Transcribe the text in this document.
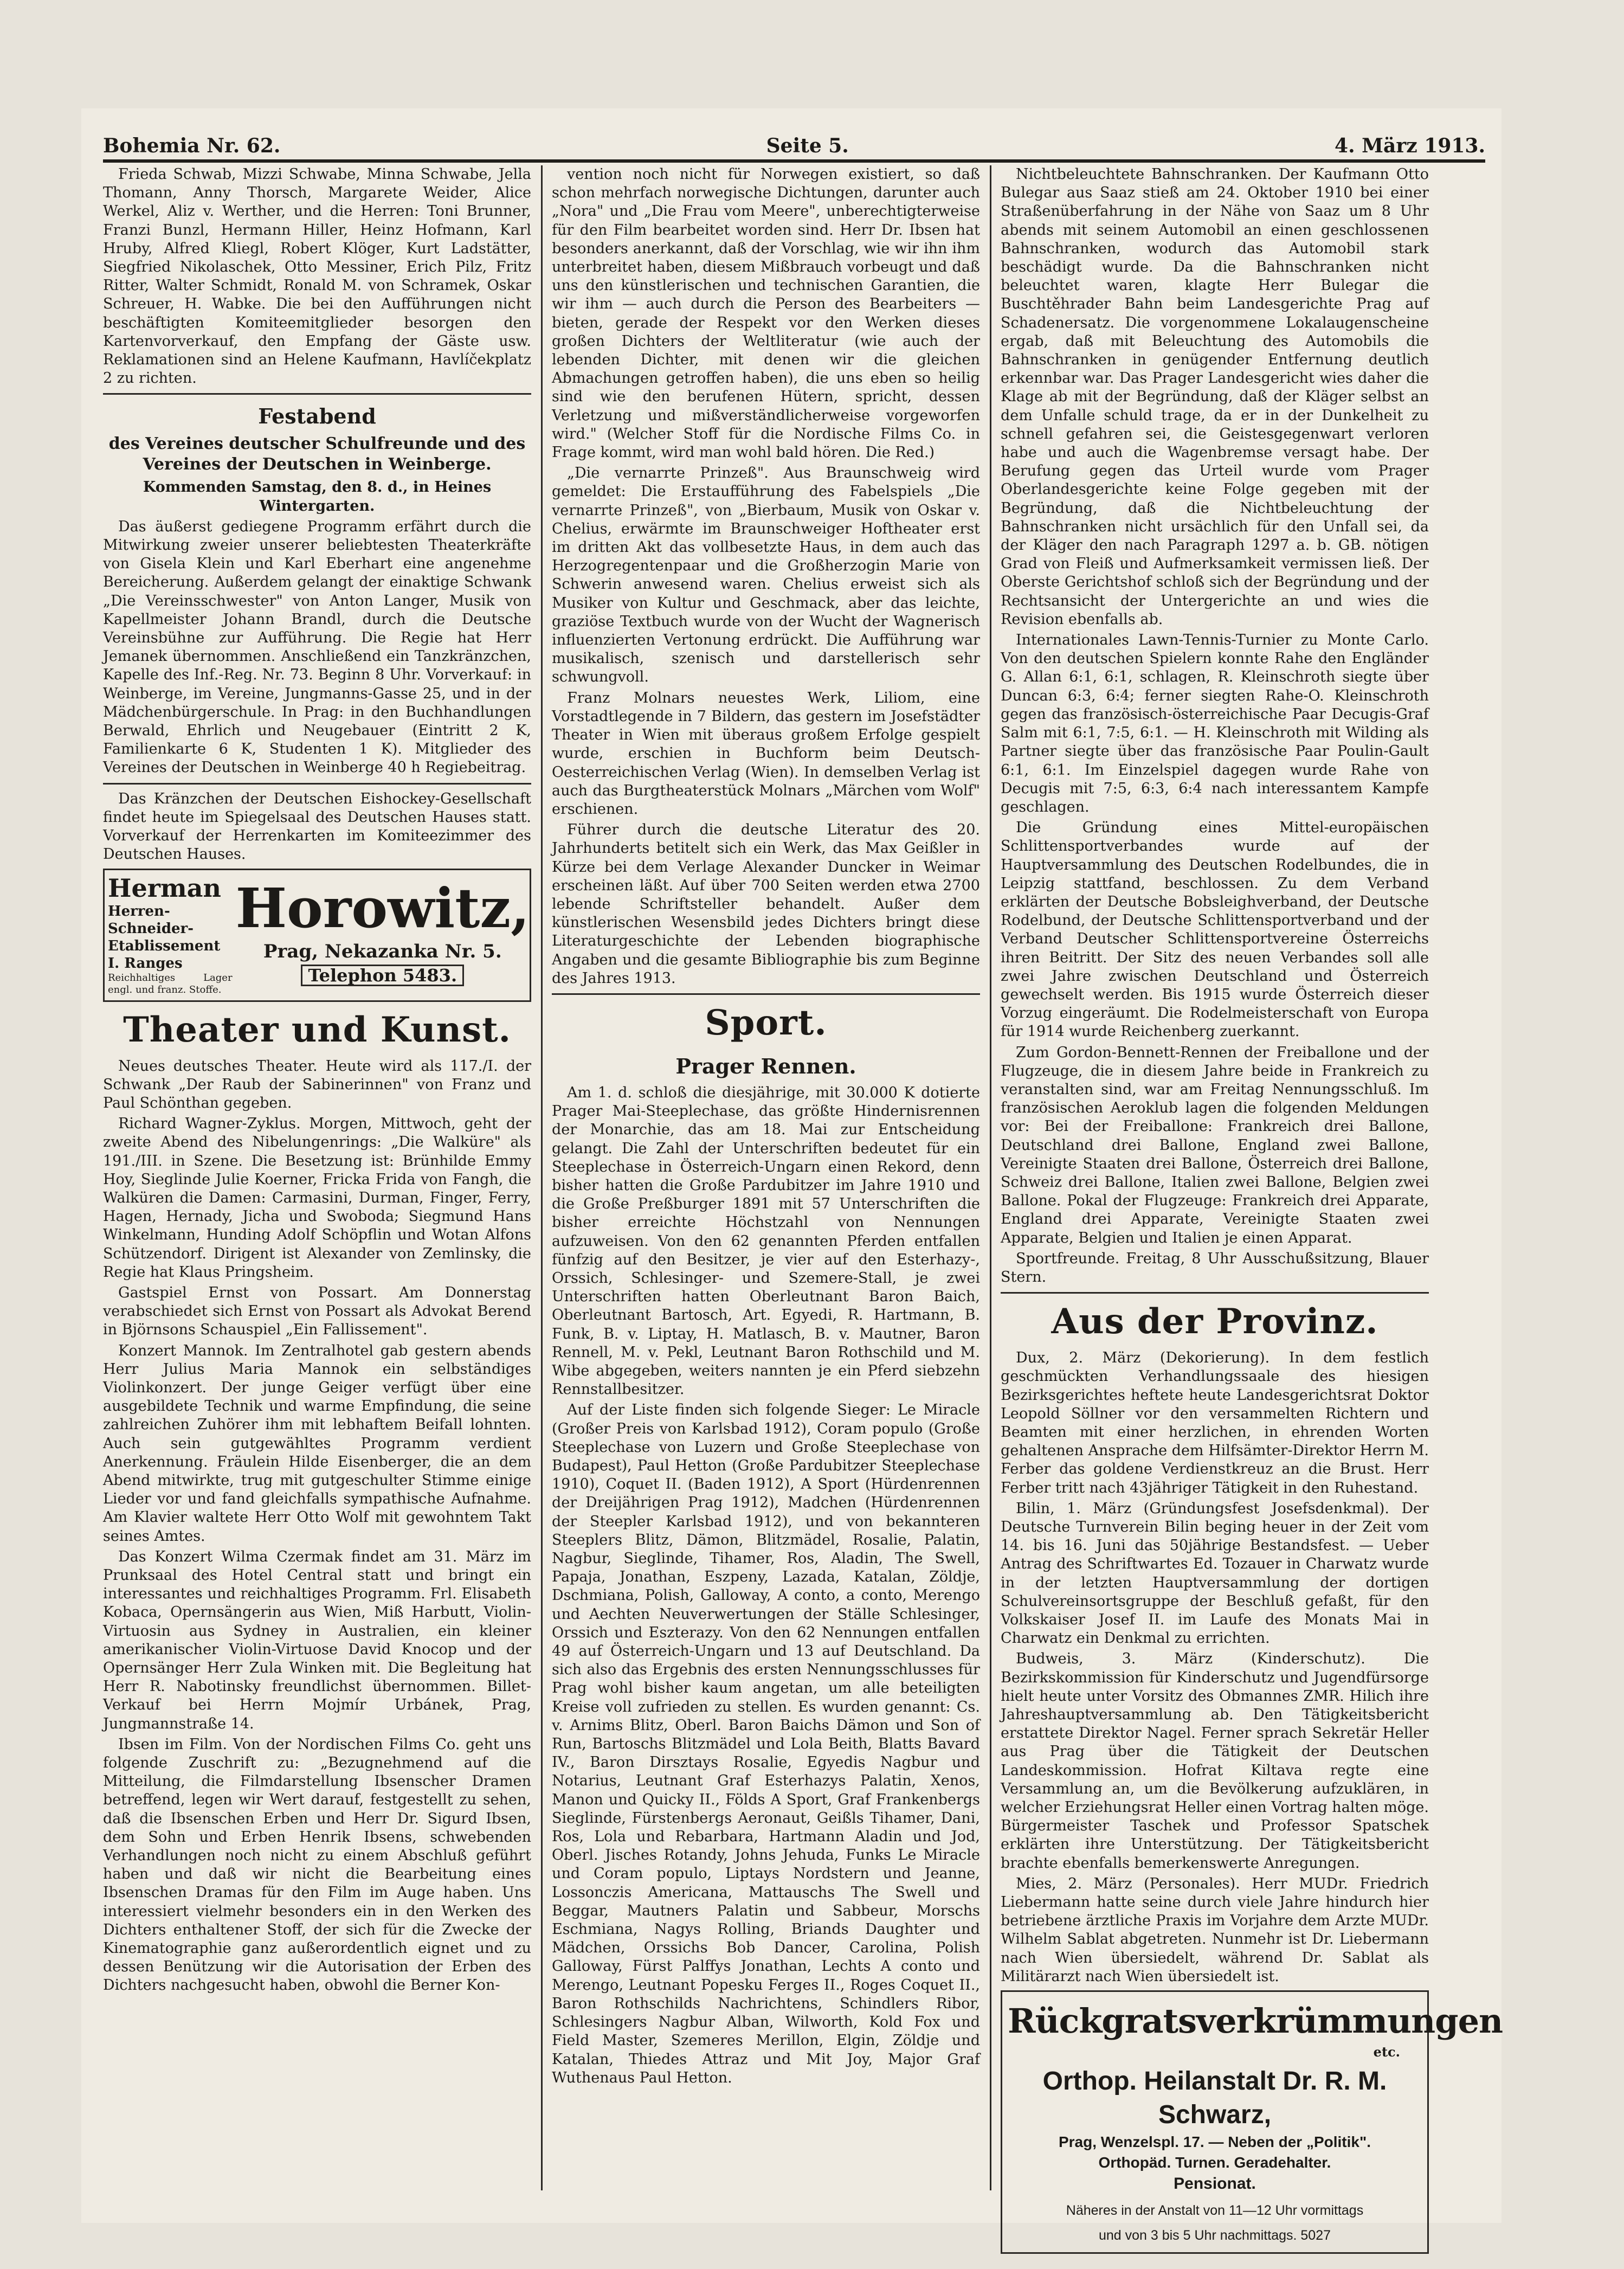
Bohemia Nr. 62.	Seite 5.	4. März 1913.

Frieda Schwab, Mizzi Schwabe, Minna Schwabe, Jella Thomann, Anny Thorsch, Margarete Weider, Alice Werkel, Aliz v. Werther, und die Herren: Toni Brunner, Franzi Bunzl, Hermann Hiller, Heinz Hofmann, Karl Hruby, Alfred Kliegl, Robert Klöger, Kurt Ladstätter, Siegfried Nikolaschek, Otto Messiner, Erich Pilz, Fritz Ritter, Walter Schmidt, Ronald M. von Schramek, Oskar Schreuer, H. Wabke. Die bei den Aufführungen nicht beschäftigten Komiteemitglieder besorgen den Kartenvorverkauf, den Empfang der Gäste usw. Reklamationen sind an Helene Kaufmann, Havlíčekplatz 2 zu richten.

Festabend
des Vereines deutscher Schulfreunde und des Vereines der Deutschen in Weinberge.

Kommenden Samstag, den 8. d., in Heines Wintergarten.

Das äußerst gediegene Programm erfährt durch die Mitwirkung zweier unserer beliebtesten Theaterkräfte von Gisela Klein und Karl Eberhart eine angenehme Bereicherung. Außerdem gelangt der einaktige Schwank „Die Vereinsschwester" von Anton Langer, Musik von Kapellmeister Johann Brandl, durch die Deutsche Vereinsbühne zur Aufführung. Die Regie hat Herr Jemanek übernommen. Anschließend ein Tanzkränzchen, Kapelle des Inf.-Reg. Nr. 73. Beginn 8 Uhr. Vorverkauf: in Weinberge, im Vereine, Jungmanns-Gasse 25, und in der Mädchenbürgerschule. In Prag: in den Buchhandlungen Berwald, Ehrlich und Neugebauer (Eintritt 2 K, Familienkarte 6 K, Studenten 1 K). Mitglieder des Vereines der Deutschen in Weinberge 40 h Regiebeitrag.

Das Kränzchen der Deutschen Eishockey-Gesellschaft findet heute im Spiegelsaal des Deutschen Hauses statt. Vorverkauf der Herrenkarten im Komiteezimmer des Deutschen Hauses.

Herman
Herren-Schneider-
Etablissement I. Ranges
Reichhaltiges Lager engl. und franz. Stoffe.
Horowitz,
Prag, Nekazanka Nr. 5.
Telephon 5483.
Theater und Kunst.

Neues deutsches Theater. Heute wird als 117./I. der Schwank „Der Raub der Sabinerinnen" von Franz und Paul Schönthan gegeben.

Richard Wagner-Zyklus. Morgen, Mittwoch, geht der zweite Abend des Nibelungenrings: „Die Walküre" als 191./III. in Szene. Die Besetzung ist: Brünhilde Emmy Hoy, Sieglinde Julie Koerner, Fricka Frida von Fangh, die Walküren die Damen: Carmasini, Durman, Finger, Ferry, Hagen, Hernady, Jicha und Swoboda; Siegmund Hans Winkelmann, Hunding Adolf Schöpflin und Wotan Alfons Schützendorf. Dirigent ist Alexander von Zemlinsky, die Regie hat Klaus Pringsheim.

Gastspiel Ernst von Possart. Am Donnerstag verabschiedet sich Ernst von Possart als Advokat Berend in Björnsons Schauspiel „Ein Fallissement".

Konzert Mannok. Im Zentralhotel gab gestern abends Herr Julius Maria Mannok ein selbständiges Violinkonzert. Der junge Geiger verfügt über eine ausgebildete Technik und warme Empfindung, die seine zahlreichen Zuhörer ihm mit lebhaftem Beifall lohnten. Auch sein gutgewähltes Programm verdient Anerkennung. Fräulein Hilde Eisenberger, die an dem Abend mitwirkte, trug mit gutgeschulter Stimme einige Lieder vor und fand gleichfalls sympathische Aufnahme. Am Klavier waltete Herr Otto Wolf mit gewohntem Takt seines Amtes.

Das Konzert Wilma Czermak findet am 31. März im Prunksaal des Hotel Central statt und bringt ein interessantes und reichhaltiges Programm. Frl. Elisabeth Kobaca, Opernsängerin aus Wien, Miß Harbutt, Violin-Virtuosin aus Sydney in Australien, ein kleiner amerikanischer Violin-Virtuose David Knocop und der Opernsänger Herr Zula Winken mit. Die Begleitung hat Herr R. Nabotinsky freundlichst übernommen. Billet-Verkauf bei Herrn Mojmír Urbánek, Prag, Jungmannstraße 14.

Ibsen im Film. Von der Nordischen Films Co. geht uns folgende Zuschrift zu: „Bezugnehmend auf die Mitteilung, die Filmdarstellung Ibsenscher Dramen betreffend, legen wir Wert darauf, festgestellt zu sehen, daß die Ibsenschen Erben und Herr Dr. Sigurd Ibsen, dem Sohn und Erben Henrik Ibsens, schwebenden Verhandlungen noch nicht zu einem Abschluß geführt haben und daß wir nicht die Bearbeitung eines Ibsenschen Dramas für den Film im Auge haben. Uns interessiert vielmehr besonders ein in den Werken des Dichters enthaltener Stoff, der sich für die Zwecke der Kinematographie ganz außerordentlich eignet und zu dessen Benützung wir die Autorisation der Erben des Dichters nachgesucht haben, obwohl die Berner Kon-

vention noch nicht für Norwegen existiert, so daß schon mehrfach norwegische Dichtungen, darunter auch „Nora" und „Die Frau vom Meere", unberechtigterweise für den Film bearbeitet worden sind. Herr Dr. Ibsen hat besonders anerkannt, daß der Vorschlag, wie wir ihn ihm unterbreitet haben, diesem Mißbrauch vorbeugt und daß uns den künstlerischen und technischen Garantien, die wir ihm — auch durch die Person des Bearbeiters — bieten, gerade der Respekt vor den Werken dieses großen Dichters der Weltliteratur (wie auch der lebenden Dichter, mit denen wir die gleichen Abmachungen getroffen haben), die uns eben so heilig sind wie den berufenen Hütern, spricht, dessen Verletzung und mißverständlicherweise vorgeworfen wird." (Welcher Stoff für die Nordische Films Co. in Frage kommt, wird man wohl bald hören. Die Red.)

„Die vernarrte Prinzeß". Aus Braunschweig wird gemeldet: Die Erstaufführung des Fabelspiels „Die vernarrte Prinzeß", von „Bierbaum, Musik von Oskar v. Chelius, erwärmte im Braunschweiger Hoftheater erst im dritten Akt das vollbesetzte Haus, in dem auch das Herzogregentenpaar und die Großherzogin Marie von Schwerin anwesend waren. Chelius erweist sich als Musiker von Kultur und Geschmack, aber das leichte, graziöse Textbuch wurde von der Wucht der Wagnerisch influenzierten Vertonung erdrückt. Die Aufführung war musikalisch, szenisch und darstellerisch sehr schwungvoll.

Franz Molnars neuestes Werk, Liliom, eine Vorstadtlegende in 7 Bildern, das gestern im Josefstädter Theater in Wien mit überaus großem Erfolge gespielt wurde, erschien in Buchform beim Deutsch-Oesterreichischen Verlag (Wien). In demselben Verlag ist auch das Burgtheaterstück Molnars „Märchen vom Wolf" erschienen.

Führer durch die deutsche Literatur des 20. Jahrhunderts betitelt sich ein Werk, das Max Geißler in Kürze bei dem Verlage Alexander Duncker in Weimar erscheinen läßt. Auf über 700 Seiten werden etwa 2700 lebende Schriftsteller behandelt. Außer dem künstlerischen Wesensbild jedes Dichters bringt diese Literaturgeschichte der Lebenden biographische Angaben und die gesamte Bibliographie bis zum Beginne des Jahres 1913.

Sport.
Prager Rennen.

Am 1. d. schloß die diesjährige, mit 30.000 K dotierte Prager Mai-Steeplechase, das größte Hindernisrennen der Monarchie, das am 18. Mai zur Entscheidung gelangt. Die Zahl der Unterschriften bedeutet für ein Steeplechase in Österreich-Ungarn einen Rekord, denn bisher hatten die Große Pardubitzer im Jahre 1910 und die Große Preßburger 1891 mit 57 Unterschriften die bisher erreichte Höchstzahl von Nennungen aufzuweisen. Von den 62 genannten Pferden entfallen fünfzig auf den Besitzer, je vier auf den Esterhazy-, Orssich, Schlesinger- und Szemere-Stall, je zwei Unterschriften hatten Oberleutnant Baron Baich, Oberleutnant Bartosch, Art. Egyedi, R. Hartmann, B. Funk, B. v. Liptay, H. Matlasch, B. v. Mautner, Baron Rennell, M. v. Pekl, Leutnant Baron Rothschild und M. Wibe abgegeben, weiters nannten je ein Pferd siebzehn Rennstallbesitzer.

Auf der Liste finden sich folgende Sieger: Le Miracle (Großer Preis von Karlsbad 1912), Coram populo (Große Steeplechase von Luzern und Große Steeplechase von Budapest), Paul Hetton (Große Pardubitzer Steeplechase 1910), Coquet II. (Baden 1912), A Sport (Hürdenrennen der Dreijährigen Prag 1912), Madchen (Hürdenrennen der Steepler Karlsbad 1912), und von bekannteren Steeplers Blitz, Dämon, Blitzmädel, Rosalie, Palatin, Nagbur, Sieglinde, Tihamer, Ros, Aladin, The Swell, Papaja, Jonathan, Eszpeny, Lazada, Katalan, Zöldje, Dschmiana, Polish, Galloway, A conto, a conto, Merengo und Aechten Neuverwertungen der Ställe Schlesinger, Orssich und Eszterazy. Von den 62 Nennungen entfallen 49 auf Österreich-Ungarn und 13 auf Deutschland. Da sich also das Ergebnis des ersten Nennungsschlusses für Prag wohl bisher kaum angetan, um alle beteiligten Kreise voll zufrieden zu stellen. Es wurden genannt: Cs. v. Arnims Blitz, Oberl. Baron Baichs Dämon und Son of Run, Bartoschs Blitzmädel und Lola Beith, Blatts Bavard IV., Baron Dirsztays Rosalie, Egyedis Nagbur und Notarius, Leutnant Graf Esterhazys Palatin, Xenos, Manon und Quicky II., Földs A Sport, Graf Frankenbergs Sieglinde, Fürstenbergs Aeronaut, Geißls Tihamer, Dani, Ros, Lola und Rebarbara, Hartmann Aladin und Jod, Oberl. Jisches Rotandy, Johns Jehuda, Funks Le Miracle und Coram populo, Liptays Nordstern und Jeanne, Lossonczis Americana, Mattauschs The Swell und Beggar, Mautners Palatin und Sabbeur, Morschs Eschmiana, Nagys Rolling, Briands Daughter und Mädchen, Orssichs Bob Dancer, Carolina, Polish Galloway, Fürst Palffys Jonathan, Lechts A conto und Merengo, Leutnant Popesku Ferges II., Roges Coquet II., Baron Rothschilds Nachrichtens, Schindlers Ribor, Schlesingers Nagbur Alban, Wilworth, Kold Fox und Field Master, Szemeres Merillon, Elgin, Zöldje und Katalan, Thiedes Attraz und Mit Joy, Major Graf Wuthenaus Paul Hetton.

Nichtbeleuchtete Bahnschranken. Der Kaufmann Otto Bulegar aus Saaz stieß am 24. Oktober 1910 bei einer Straßenüberfahrung in der Nähe von Saaz um 8 Uhr abends mit seinem Automobil an einen geschlossenen Bahnschranken, wodurch das Automobil stark beschädigt wurde. Da die Bahnschranken nicht beleuchtet waren, klagte Herr Bulegar die Buschtěhrader Bahn beim Landesgerichte Prag auf Schadenersatz. Die vorgenommene Lokalaugenscheine ergab, daß mit Beleuchtung des Automobils die Bahnschranken in genügender Entfernung deutlich erkennbar war. Das Prager Landesgericht wies daher die Klage ab mit der Begründung, daß der Kläger selbst an dem Unfalle schuld trage, da er in der Dunkelheit zu schnell gefahren sei, die Geistesgegenwart verloren habe und auch die Wagenbremse versagt habe. Der Berufung gegen das Urteil wurde vom Prager Oberlandesgerichte keine Folge gegeben mit der Begründung, daß die Nichtbeleuchtung der Bahnschranken nicht ursächlich für den Unfall sei, da der Kläger den nach Paragraph 1297 a. b. GB. nötigen Grad von Fleiß und Aufmerksamkeit vermissen ließ. Der Oberste Gerichtshof schloß sich der Begründung und der Rechtsansicht der Untergerichte an und wies die Revision ebenfalls ab.

Internationales Lawn-Tennis-Turnier zu Monte Carlo. Von den deutschen Spielern konnte Rahe den Engländer G. Allan 6:1, 6:1, schlagen, R. Kleinschroth siegte über Duncan 6:3, 6:4; ferner siegten Rahe-O. Kleinschroth gegen das französisch-österreichische Paar Decugis-Graf Salm mit 6:1, 7:5, 6:1. — H. Kleinschroth mit Wilding als Partner siegte über das französische Paar Poulin-Gault 6:1, 6:1. Im Einzelspiel dagegen wurde Rahe von Decugis mit 7:5, 6:3, 6:4 nach interessantem Kampfe geschlagen.

Die Gründung eines Mittel-europäischen Schlittensportverbandes wurde auf der Hauptversammlung des Deutschen Rodelbundes, die in Leipzig stattfand, beschlossen. Zu dem Verband erklärten der Deutsche Bobsleighverband, der Deutsche Rodelbund, der Deutsche Schlittensportverband und der Verband Deutscher Schlittensportvereine Österreichs ihren Beitritt. Der Sitz des neuen Verbandes soll alle zwei Jahre zwischen Deutschland und Österreich gewechselt werden. Bis 1915 wurde Österreich dieser Vorzug eingeräumt. Die Rodelmeisterschaft von Europa für 1914 wurde Reichenberg zuerkannt.

Zum Gordon-Bennett-Rennen der Freiballone und der Flugzeuge, die in diesem Jahre beide in Frankreich zu veranstalten sind, war am Freitag Nennungsschluß. Im französischen Aeroklub lagen die folgenden Meldungen vor: Bei der Freiballone: Frankreich drei Ballone, Deutschland drei Ballone, England zwei Ballone, Vereinigte Staaten drei Ballone, Österreich drei Ballone, Schweiz drei Ballone, Italien zwei Ballone, Belgien zwei Ballone. Pokal der Flugzeuge: Frankreich drei Apparate, England drei Apparate, Vereinigte Staaten zwei Apparate, Belgien und Italien je einen Apparat.

Sportfreunde. Freitag, 8 Uhr Ausschußsitzung, Blauer Stern.

Aus der Provinz.

Dux, 2. März (Dekorierung). In dem festlich geschmückten Verhandlungssaale des hiesigen Bezirksgerichtes heftete heute Landesgerichtsrat Doktor Leopold Söllner vor den versammelten Richtern und Beamten mit einer herzlichen, in ehrenden Worten gehaltenen Ansprache dem Hilfsämter-Direktor Herrn M. Ferber das goldene Verdienstkreuz an die Brust. Herr Ferber tritt nach 43jähriger Tätigkeit in den Ruhestand.

Bilin, 1. März (Gründungsfest Josefsdenkmal). Der Deutsche Turnverein Bilin beging heuer in der Zeit vom 14. bis 16. Juni das 50jährige Bestandsfest. — Ueber Antrag des Schriftwartes Ed. Tozauer in Charwatz wurde in der letzten Hauptversammlung der dortigen Schulvereinsortsgruppe der Beschluß gefaßt, für den Volkskaiser Josef II. im Laufe des Monats Mai in Charwatz ein Denkmal zu errichten.

Budweis, 3. März (Kinderschutz). Die Bezirkskommission für Kinderschutz und Jugendfürsorge hielt heute unter Vorsitz des Obmannes ZMR. Hilich ihre Jahreshauptversammlung ab. Den Tätigkeitsbericht erstattete Direktor Nagel. Ferner sprach Sekretär Heller aus Prag über die Tätigkeit der Deutschen Landeskommission. Hofrat Kiltava regte eine Versammlung an, um die Bevölkerung aufzuklären, in welcher Erziehungsrat Heller einen Vortrag halten möge. Bürgermeister Taschek und Professor Spatschek erklärten ihre Unterstützung. Der Tätigkeitsbericht brachte ebenfalls bemerkenswerte Anregungen.

Mies, 2. März (Personales). Herr MUDr. Friedrich Liebermann hatte seine durch viele Jahre hindurch hier betriebene ärztliche Praxis im Vorjahre dem Arzte MUDr. Wilhelm Sablat abgetreten. Nunmehr ist Dr. Liebermann nach Wien übersiedelt, während Dr. Sablat als Militärarzt nach Wien übersiedelt ist.

Rückgratsverkrümmungen
etc.
Orthop. Heilanstalt Dr. R. M. Schwarz,
Prag, Wenzelspl. 17. — Neben der „Politik".
Orthopäd. Turnen. Geradehalter.
Pensionat.
Näheres in der Anstalt von 11—12 Uhr vormittags
und von 3 bis 5 Uhr nachmittags. 5027
